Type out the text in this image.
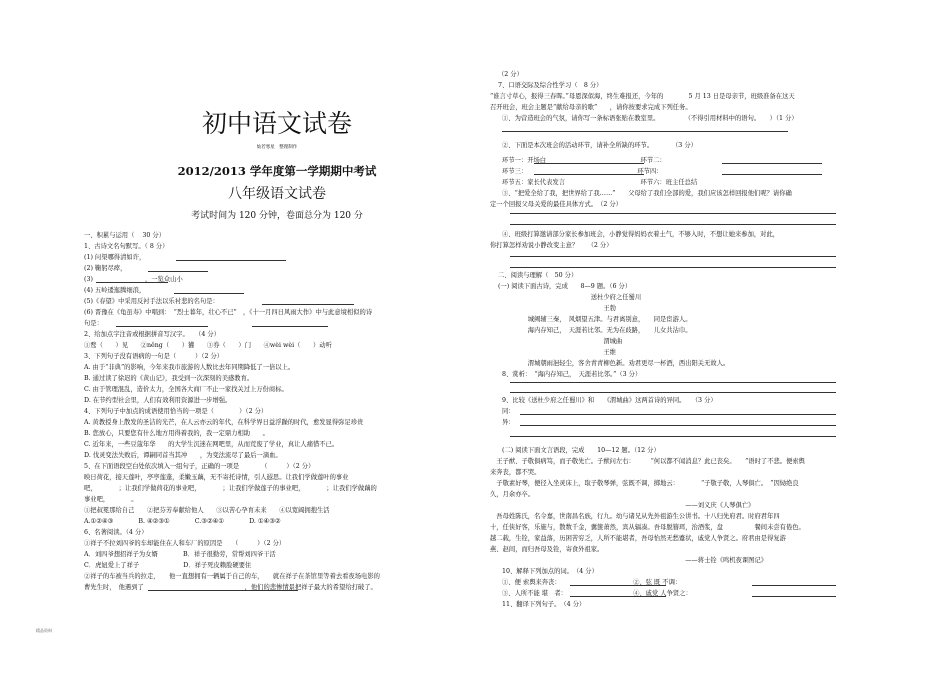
初中语文试卷
灿若寒星　整理制作
2012/2013 学年度第一学期期中考试
八年级语文试卷
考试时间为 120 分钟，卷面总分为 120 分
一、积累与运用（    30 分）
1、古诗文名句默写。（ 8 分）
(1) 问渠哪得清如许，
(2) 鞠躬尽瘁，
(3)                          ，一览众山小
(4) 五岭逶迤腾细浪，
(5)《春望》中采用反衬手法以乐衬悲的名句是：
(6) 晋豫在《龟虽寿》中唱到：　“烈士暮年，壮心不已”　，《十一月四日风雨大作》中与此意境相似的诗
句是：
2、给加点字注音或根据拼音写汉字。　　（4 分）
①鹜（　　）见　　②něng（　　）獾　　③券（　　）门　　④wèi wèi（　　）动听
3、下列句子没有语病的一句是（　　　）（2 分）
A. 由于“非典”的影响，今年来我市旅游的人数比去年同期降低了一倍以上。
B. 通过读了徐迟的《黄山记》，我受到一次深刻的美感教育。
C. 由于管理混乱，造价太力，全国各大商厂不止一家找关过上万份商标。
D. 在节约型社会里，人们有效利用资源进一步增强。
4、下列句子中加点的成语使用恰当的一项是（　　　　）（2 分）
A. 黄教授身上散发的圣洁的光芒，在人云亦云的年代，在科学界日益浮躁的时代，愈发显得弥足珍贵
B. 您放心，只要您有什么地方用得着我的，我一定鼎力相助　　。
C. 近年来，一些豆蔻年华　　的大学生沉迷在网吧里，从而荒废了学业，真让人痛惜不已。
D. 伐灵变法失败后，谭嗣同首当其冲　　，为变法流尽了最后一滴血。
5、在下面语段空白处依次填入一组句子，正确的一项是　　　　（　　　）（2 分）
映日荷花，接天莲叶，亭亭莲蓬，柔嫩玉藕，无不寄托诗情，引人遐思。让我们学做莲叶的事业
吧，　　　　；让我们学做荷花的事业吧，　　　　；让我们学做莲子的事业吧，　　　　；让我们学做藕的
事业吧，　　　　。
①把叔冕那给自己　　②把芬芳奉献给他人　　③以苦心孕育未来　　④以宽阔拥抱生活
A.①②④③　　　　B. ④②③①　　　　C.③②④①　　　　D. ①④③②
6、名著阅读。（4 分）
①祥子不拉刘四爷的车却能住在人和车厂的原因是　　（　　　）（2 分）
A．刘四爷想招祥子为女婿　　　　B．祥子很勤劳，常帮刘四爷干活
C．虎妞爱上了祥子　　　　　　　D．祥子死皮赖脸硬要住
②祥子的车被当兵的拉走，　　他一直想拥有一辆属于自己的车，　　就在祥子在茶馆里等着去看夜场电影的
曹先生时，　他遇到了　　　　　　　　　　　　　　　　，他们的悲惨情景把祥子最大的希望给打破了。
（2 分）
7、口语交际及综合性学习（　8 分）
“谁言寸草心，报得三春晖。”母恩深似海，终生难报还，今年的　　　　5 月 13 日是母亲节，班级准备在这天
召开班会，班会主题是“献给母亲的歌”　　，请你按要求完成下列任务。
①、为营造班会的气氛，请你写一条标语张贴在教室里。　　　　　（不得引用材料中的语句。　　）（1 分）
②、下面是本次班会的活动环节，请补全所缺的环节。　　　　（3 分）
环节一：开场白　　　　　　　　　　　　　　　环节二：
环节三：　　　　　　　　　　　　　　　　　　环节四：
环节五：家长代表发言　　　　　　　　　　　　环节六：班主任总结
③、“把爱全给了我，把世界给了我……”　　父母给了我们全部的爱，我们应该怎样回报他们呢？请你确
定一个回报父母关爱的最佳具体方式。　（2 分）
④、班级打算邀请部分家长参加班会，小静觉得妈妈衣着土气，不够入时，不想让她来参加，对此，
你打算怎样劝说小静改变主意？　　（2 分）
二、阅读与理解（　50 分）
(一) 阅读下面古诗，完成　　8—9 题。（6 分）
　　　　　　　　　　　　　　　　送杜少府之任蜀川
　　　　　　　　　　　　　　　　　　王勃
　　　　　　城阙辅三秦，　风烟望五津。与君离别意，　　同是宦游人。
　　　　　　海内存知己，　天涯若比邻。无为在歧路，　　儿女共沾巾。
　　　　　　　　　　　　　　　　　　渭城曲
　　　　　　　　　　　　　　　　　　王维
　　　　　　渭城朝雨浥轻尘，客舍青青柳色新。劝君更尽一杯酒，西出阳关无故人。
8、赏析：　“海内存知己，　天涯若比邻。”（3 分）
9、比较《送杜少府之任蜀川》和　　《渭城曲》这两首诗的异同。　　（3 分）
同：
异：
(二) 阅读下面文言语段，完成　　10—12 题。（12 分）
　王子猷、子敬俱病笃，而子敬先亡。子猷问左右：　　　“何以都不闻消息？此已丧矣。　　”语时了不悲。便索舆
来奔丧，都不哭。
　子敬素好琴，便径入坐灵床上，取子敬琴弹，弦既不调，掷地云：　　　　“子敬子敬，人琴俱亡。　”因恸绝良
久，月余亦卒。
　　　　　　　　　　　　　　　　　　　　　　　　　　　　　　　——刘义庆《人琴俱亡》
　吾母姓陈氏，名令嘉，世南昌名族，行九。幼与诸兄从先外祖游生公讲书。十八归先府君。时府君年四
十，任侠好客，乐施与，散数千金，囊箧萧然，宾从辐凑。吾母脱簪珥，治酒浆，盘　　　　　餐间未尝有倦色。
越二载，生铨，家益落，历困苦穷乏，人所不能堪者，吾母怡然无愁蹙状，戚党人争贤之。府君由是得复游
燕、赵间，而归吾母及铨，寄食外祖家。
　　　　　　　　　　　　　　　　　　　　　　　　　　　　　　　——蒋士铨《鸣机夜课图记》
10、解释下列加点的词。　（4 分）
①、便 索舆来奔丧：　　　　　　　　　　　　②、弦 既 不调：
③、人所不能 堪　者：　　　　　　　　　　　④、戚党 人争贤之：
11、翻译下列句子。　（4 分）
精品资料
